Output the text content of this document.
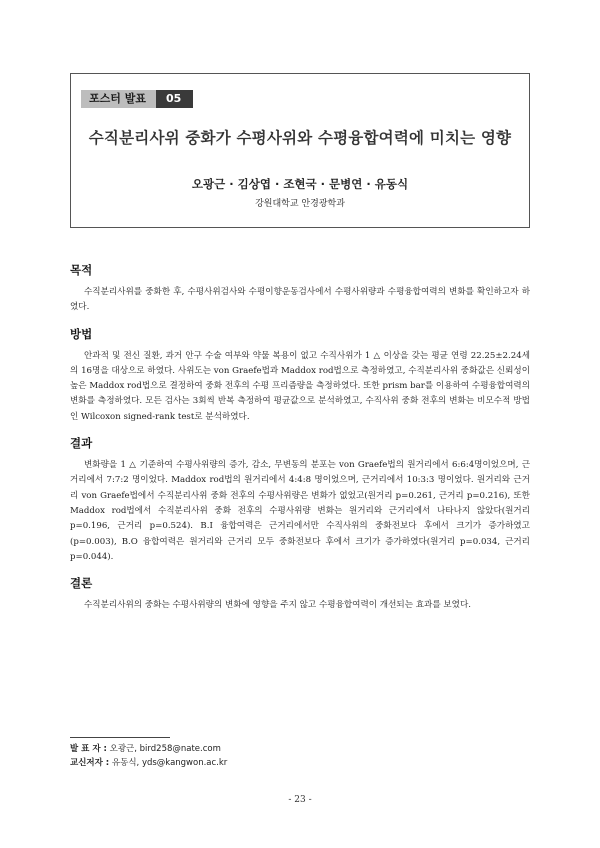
포스터 발표	05
수직분리사위 중화가 수평사위와 수평융합여력에 미치는 영향
오광근 · 김상엽 · 조현국 · 문병연 · 유동식
강원대학교 안경광학과
목적

수직분리사위를 중화한 후, 수평사위검사와 수평이향운동검사에서 수평사위량과 수평융합여력의 변화를 확인하고자 하였다.

방법

안과적 및 전신 질환, 과거 안구 수술 여부와 약물 복용이 없고 수직사위가 1 △ 이상을 갖는 평균 연령 22.25±2.24세의 16명을 대상으로 하였다. 사위도는 von Graefe법과 Maddox rod법으로 측정하였고, 수직분리사위 중화값은 신뢰성이 높은 Maddox rod법으로 결정하여 중화 전후의 수평 프리즘량을 측정하였다. 또한 prism bar를 이용하여 수평융합여력의 변화를 측정하였다. 모든 검사는 3회씩 반복 측정하여 평균값으로 분석하였고, 수직사위 중화 전후의 변화는 비모수적 방법인 Wilcoxon signed-rank test로 분석하였다.

결과

변화량을 1 △ 기준하여 수평사위량의 증가, 감소, 무변동의 분포는 von Graefe법의 원거리에서 6:6:4명이었으며, 근거리에서 7:7:2 명이었다. Maddox rod법의 원거리에서 4:4:8 명이었으며, 근거리에서 10:3:3 명이었다. 원거리와 근거리 von Graefe법에서 수직분리사위 중화 전후의 수평사위량은 변화가 없었고(원거리 p=0.261, 근거리 p=0.216), 또한 Maddox rod법에서 수직분리사위 중화 전후의 수평사위량 변화는 원거리와 근거리에서 나타나지 않았다(원거리 p=0.196, 근거리 p=0.524). B.I 융합여력은 근거리에서만 수직사위의 중화전보다 후에서 크기가 증가하였고(p=0.003), B.O 융합여력은 원거리와 근거리 모두 중화전보다 후에서 크기가 증가하였다(원거리 p=0.034, 근거리 p=0.044).

결론

수직분리사위의 중화는 수평사위량의 변화에 영향을 주지 않고 수평융합여력이 개선되는 효과를 보였다.

발 표 자 : 오광근, bird258@nate.com
교신저자 : 유동식, yds@kangwon.ac.kr
- 23 -
